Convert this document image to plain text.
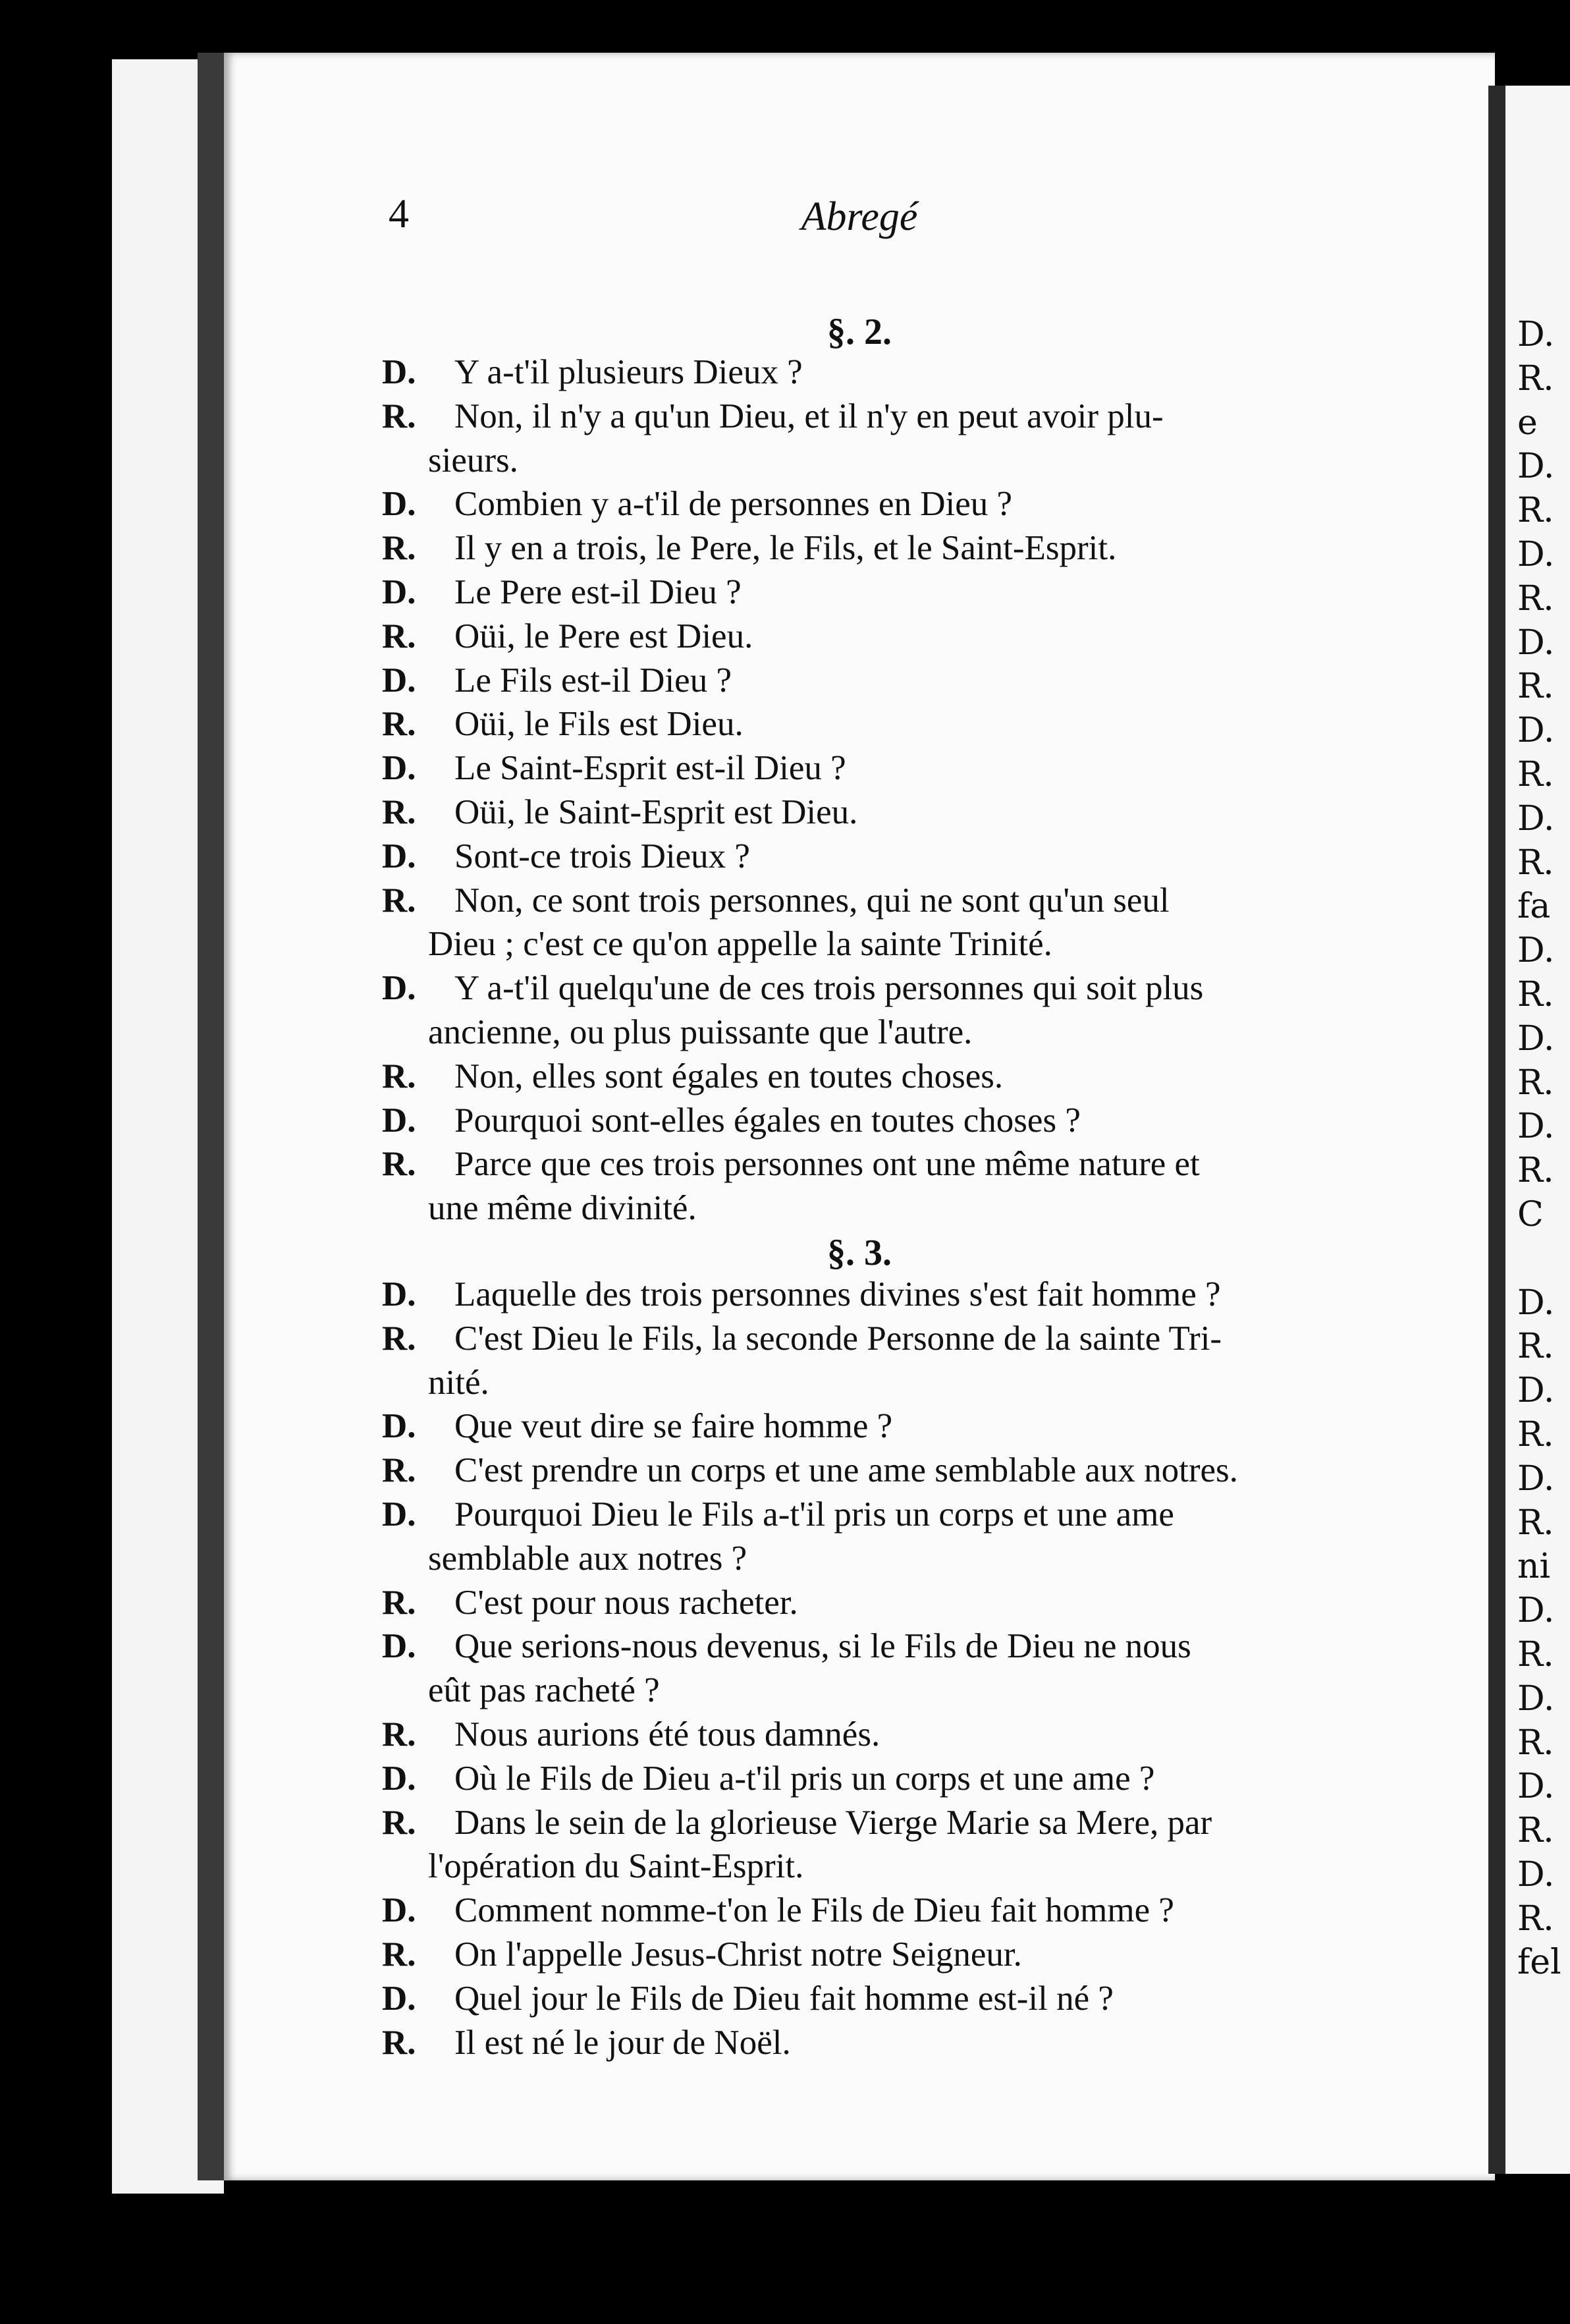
4	Abregé
§. 2.
D.	Y a-t'il plusieurs Dieux ?
R.	Non, il n'y a qu'un Dieu, et il n'y en peut avoir plu-
sieurs.
D.	Combien y a-t'il de personnes en Dieu ?
R.	Il y en a trois, le Pere, le Fils, et le Saint-Esprit.
D.	Le Pere est-il Dieu ?
R.	Oüi, le Pere est Dieu.
D.	Le Fils est-il Dieu ?
R.	Oüi, le Fils est Dieu.
D.	Le Saint-Esprit est-il Dieu ?
R.	Oüi, le Saint-Esprit est Dieu.
D.	Sont-ce trois Dieux ?
R.	Non, ce sont trois personnes, qui ne sont qu'un seul
Dieu ; c'est ce qu'on appelle la sainte Trinité.
D.	Y a-t'il quelqu'une de ces trois personnes qui soit plus
ancienne, ou plus puissante que l'autre.
R.	Non, elles sont égales en toutes choses.
D.	Pourquoi sont-elles égales en toutes choses ?
R.	Parce que ces trois personnes ont une même nature et
une même divinité.
§. 3.
D.	Laquelle des trois personnes divines s'est fait homme ?
R.	C'est Dieu le Fils, la seconde Personne de la sainte Tri-
nité.
D.	Que veut dire se faire homme ?
R.	C'est prendre un corps et une ame semblable aux notres.
D.	Pourquoi Dieu le Fils a-t'il pris un corps et une ame
semblable aux notres ?
R.	C'est pour nous racheter.
D.	Que serions-nous devenus, si le Fils de Dieu ne nous
eût pas racheté ?
R.	Nous aurions été tous damnés.
D.	Où le Fils de Dieu a-t'il pris un corps et une ame ?
R.	Dans le sein de la glorieuse Vierge Marie sa Mere, par
l'opération du Saint-Esprit.
D.	Comment nomme-t'on le Fils de Dieu fait homme ?
R.	On l'appelle Jesus-Christ notre Seigneur.
D.	Quel jour le Fils de Dieu fait homme est-il né ?
R.	Il est né le jour de Noël.
D.
R.
e
D.
R.
D.
R.
D.
R.
D.
R.
D.
R.
fa
D.
R.
D.
R.
D.
R.
C
D.
R.
D.
R.
D.
R.
ni
D.
R.
D.
R.
D.
R.
D.
R.
fel
